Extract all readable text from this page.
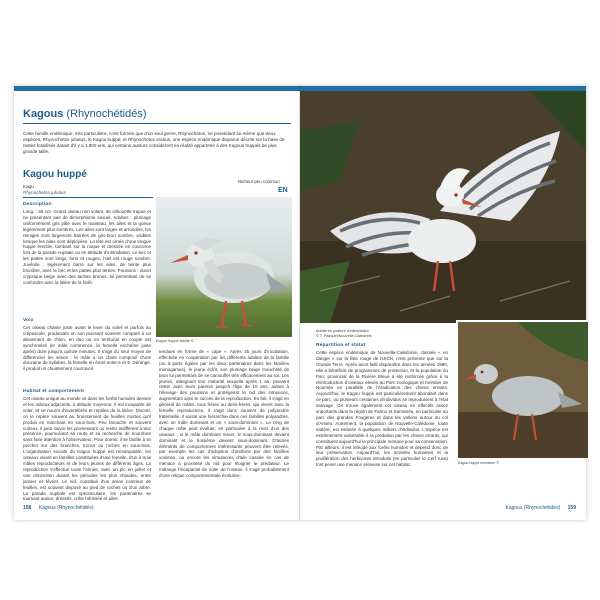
Kagous (Rhynochétidés)
Cette famille endémique, très particulière, n'est formée que d'un seul genre, Rhynochetos, ne possédant lui-même que deux espèces, Rhynochetos jubatus, le Kagou huppé, et Rhynochetos orarius, une espèce endémique disparue décrite sur la base de restes fossilisés datant d'il y a 1 800 ans, qui certains auteurs considèrent en réalité appartenir à des Kagous huppés de plus grande taille.
Kagou huppé
Kagu
Rhynochetos jubatus
Nicheur peu commun
EN
Description
Long. : 55 cm. Grand oiseau non volant, de silhouette trapue et ne présentant pas de dimorphisme sexuel. Adultes : plumage uniformément gris pâle avec le manteau, les ailes et la queue légèrement plus sombres. Les ailes sont larges et arrondies, les rémiges sont largement barrées de gris-brun sombre, visibles lorsque les ailes sont déployées. La tête est ornée d'une longue huppe érectile, tombant sur la nuque et dressée en couronne lors de la parade nuptiale ou en attitude d'intimidation. Le bec et les pattes sont longs, forts et rouges, l'œil est rouge sombre. Juvénile : légèrement barré sur les ailes, de teinte plus brunâtre, avec le bec et les pattes plus ternes. Poussins : duvet crypsique beige avec des taches brunes, lui permettant de se confondre avec la litière de la forêt.
Voix
Cet oiseau chante juste avant le lever du soleil et parfois au crépuscule, produisant un son puissant souvent comparé à un aboiement de chien, en duo ou en territorial en couple est synchronisé (le mâle commence, la femelle enchaîne juste après) dure jusqu'à quinze minutes. Il s'agit du seul moyen de différencier les sexes : le mâle a un chant composé d'une douzaine de syllabes, la femelle en émet entre 6 et 9. Dérangé, il produit un chuintement courroucé.
Habitat et comportement
Cet oiseau unique au monde vit dans les forêts humides denses et les milieux adjacents, à altitude moyenne. Il est incapable de voler, et se nourrit d'invertébrés et reptiles de la litière. Discret, on le repère souvent au bruissement de feuilles mortes qu'il produit en marchant en sous-bois. Peu farouche et souvent curieux, il peut suivre les promeneurs ou rester indifférent à leur présence, poursuivant sa route et sa recherche de nourriture sans faire attention à l'observateur. Pour dormir, il se faufile à se percher sur des branches, troncs ou roches en sous-bois. L'organisation sociale du Kagou huppé est remarquable, les oiseaux vivant en familles constituées d'une femelle, d'un à trois mâles reproducteurs et de leurs jeunes de différents âges. La reproduction s'effectue toute l'année, avec un pic en juillet et une diminution durant les périodes les plus chaudes, entre janvier et février. Le nid, constitué d'un amas commun de feuilles, est souvent disposé au pied de roches ou d'un arbre. La parade nuptiale est spectaculaire, les partenaires se tournant autour, dressés, crête hérissée et ailes
tendues en forme de « cape ». Après 35 jours d'incubation, effectuée en coopération par les différents adultes de la famille (ou à parts égales par les deux partenaires dans les familles monogames), le jeune éclôt, son plumage beige mouchété de brun lui permettant de se camoufler très efficacement au sol. Les jeunes, atteignant leur maturité sexuelle après 1 an, peuvent rester avec leurs parents jusqu'à l'âge de 10 ans, aidant à l'élevage des poussins et protégeant le nid des intrusions, augmentant ainsi le succès de la reproduction. En fait, il s'agit en général de mâles, tous frères ou demi-frères, qui vivent avec la femelle reproductrice, il s'agit donc souvent de polyandrie fraternelle. Il existe une hiérarchie dans ces familles polyandres, avec un mâle dominant et un « sous-dominant ». Le cerg de chaque mâle peut évoluer, en particulier à la mort d'un des oiseaux ; si le mâle dominant meurt, le sous-dominant devient dominant et le troisième devient sous-dominant. D'autres éléments de comportement intéressants peuvent être relevés, par exemple les cas d'adoption d'oisillons par des familles voisines, ou encore les simulacres d'aile cassée en cas de menace à proximité du nid pour éloigner le prédateur. Le mélange l'incapacité de voler de l'oiseau, il s'agit probablement d'une relique comportementale évolutive.
Kagou huppé adulte ©
158 Kagous (Rhynochétidés)
Adulte en posture d'intimidation
© T. Pasquet/Nouvelle-Calédonie
Répartition et statut
Cette espèce endémique de Nouvelle-Calédonie, classée « en danger » sur la liste rouge de l'UICN, n'est présente que sur la Grande Terre. Après avoir failli disparaître dans les années 1980, elle a bénéficié de programmes de protection, et la population du Parc provincial de la Rivière Bleue a été renforcée grâce à la réintroduction d'oiseaux élevés au Parc zoologique et forestier de Nouméa en parallèle de l'éradication des chiens errants. Aujourd'hui, le Kagou huppé est particulièrement abondant dans ce parc, où plusieurs centaines d'individus se reproduisent à l'état sauvage. On trouve également cet oiseau en effectifs assez importants dans la région de Farino et Sarraméa, en particulier au parc des grandes Fougères et dans les vallons autour du col d'Amieu. Autrement, la population de Nouvelle-Calédonie, toute entière, est estimée à quelques milliers d'individus. L'espèce est extrêmement vulnérable à la prédation par les chiens errants, qui constituent aujourd'hui la principale menace pour sa conservation. Par ailleurs, il est inféodé aux forêts humides et dépend donc de leur préservation. Aujourd'hui, les activités humaines et la prolifération des herbivores introduits (en particulier le Cerf rusa) font peser une menace sérieuse sur cet habitat.	Kagou huppé immature ©
Kagous (Rhynochétidés) 159
